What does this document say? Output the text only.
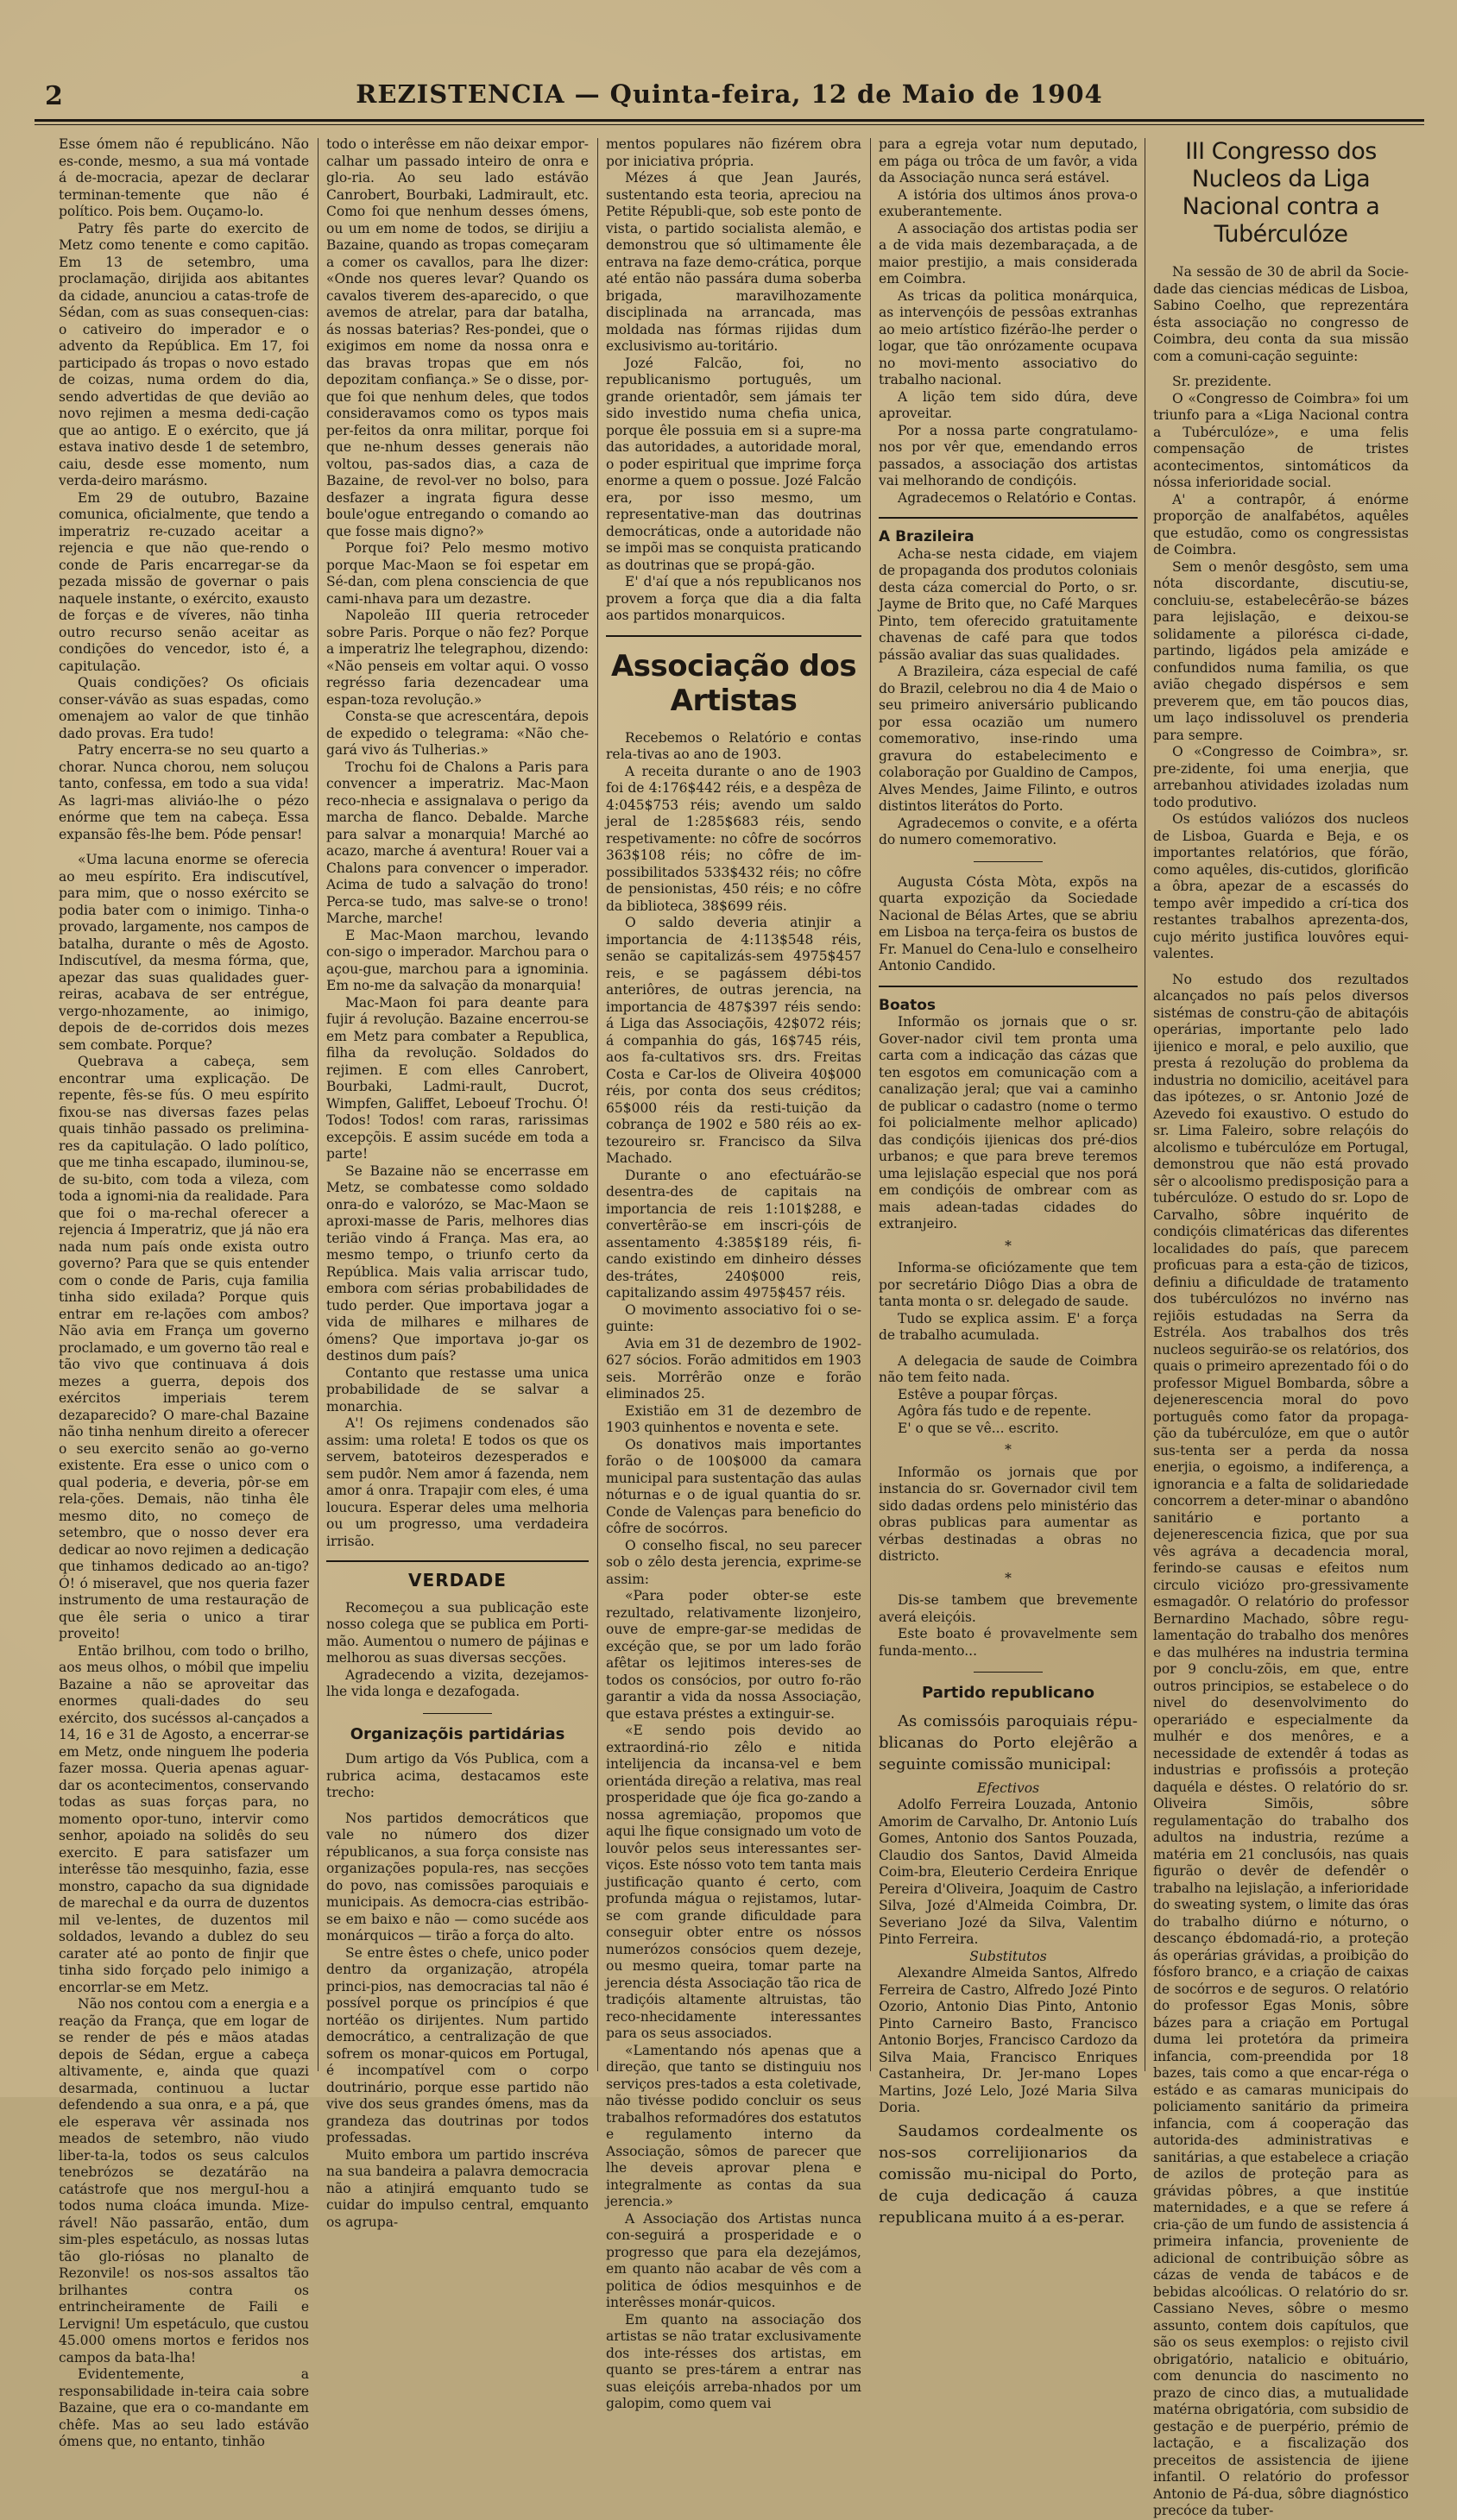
2	REZISTENCIA — Quinta-feira, 12 de Maio de 1904

Esse ómem não é republicáno. Não es-conde, mesmo, a sua má vontade á de-mocracia, apezar de declarar terminan-temente que não é político. Pois bem. Ouçamo-lo.

Patry fês parte do exercito de Metz como tenente e como capitão. Em 13 de setembro, uma proclamação, dirijida aos abitantes da cidade, anunciou a catas-trofe de Sédan, com as suas consequen-cias: o cativeiro do imperador e o advento da República. Em 17, foi participado ás tropas o novo estado de coizas, numa ordem do dia, sendo advertidas de que devião ao novo rejimen a mesma dedi-cação que ao antigo. E o exército, que já estava inativo desde 1 de setembro, caiu, desde esse momento, num verda-deiro marásmo.

Em 29 de outubro, Bazaine comunica, oficialmente, que tendo a imperatriz re-cuzado aceitar a rejencia e que não que-rendo o conde de Paris encarregar-se da pezada missão de governar o pais naquele instante, o exército, exausto de forças e de víveres, não tinha outro recurso senão aceitar as condições do vencedor, isto é, a capitulação.

Quais condições? Os oficiais conser-vávão as suas espadas, como omenajem ao valor de que tinhão dado provas. Era tudo!

Patry encerra-se no seu quarto a chorar. Nunca chorou, nem soluçou tanto, confessa, em todo a sua vida! As lagri-mas aliviáo-lhe o pézo enórme que tem na cabeça. Essa expansão fês-lhe bem. Póde pensar!

«Uma lacuna enorme se oferecia ao meu espírito. Era indiscutível, para mim, que o nosso exército se podia bater com o inimigo. Tinha-o provado, largamente, nos campos de batalha, durante o mês de Agosto. Indiscutível, da mesma fórma, que, apezar das suas qualidades guer-reiras, acabava de ser entrégue, vergo-nhozamente, ao inimigo, depois de de-corridos dois mezes sem combate. Porque?

Quebrava a cabeça, sem encontrar uma explicação. De repente, fês-se fús. O meu espírito fixou-se nas diversas fazes pelas quais tinhão passado os prelimina-res da capitulação. O lado político, que me tinha escapado, iluminou-se, de su-bito, com toda a vileza, com toda a ignomi-nia da realidade. Para que foi o ma-rechal oferecer a rejencia á Imperatriz, que já não era nada num país onde exista outro governo? Para que se quis entender com o conde de Paris, cuja familia tinha sido exilada? Porque quis entrar em re-lações com ambos? Não avia em França um governo proclamado, e um governo tão real e tão vivo que continuava á dois mezes a guerra, depois dos exércitos imperiais terem dezaparecido? O mare-chal Bazaine não tinha nenhum direito a oferecer o seu exercito senão ao go-verno existente. Era esse o unico com o qual poderia, e deveria, pôr-se em rela-ções. Demais, não tinha êle mesmo dito, no começo de setembro, que o nosso dever era dedicar ao novo rejimen a dedicação que tinhamos dedicado ao an-tigo? Ó! ó miseravel, que nos queria fazer instrumento de uma restauração de que êle seria o unico a tirar proveito!

Então brilhou, com todo o brilho, aos meus olhos, o móbil que impeliu Bazaine a não se aproveitar das enormes quali-dades do seu exército, dos sucéssos al-cançados a 14, 16 e 31 de Agosto, a encerrar-se em Metz, onde ninguem lhe poderia fazer mossa. Queria apenas aguar-dar os acontecimentos, conservando todas as suas forças para, no momento opor-tuno, intervir como senhor, apoiado na solidês do seu exercito. E para satisfazer um interêsse tão mesquinho, fazia, esse monstro, capacho da sua dignidade de marechal e da ourra de duzentos mil ve-lentes, de duzentos mil soldados, levando a dublez do seu carater até ao ponto de finjir que tinha sido forçado pelo inimigo a encorrlar-se em Metz.

Não nos contou com a energia e a reação da França, que em logar de se render de pés e mãos atadas depois de Sédan, ergue a cabeça altivamente, e, ainda que quazi desarmada, continuou a luctar defendendo a sua onra, e a pá, que ele esperava vêr assinada nos meados de setembro, não viudo liber-ta-la, todos os seus calculos tenebrózos se dezatárão na catástrofe que nos merguI-hou a todos numa cloáca imunda. Mize-rável! Não passarão, então, dum sim-ples espetáculo, as nossas lutas tão glo-riósas no planalto de Rezonvile! os nos-sos assaltos tão brilhantes contra os entrincheiramente de Faili e Lervigni! Um espetáculo, que custou 45.000 omens mortos e feridos nos campos da bata-lha!

Evidentemente, a responsabilidade in-teira caia sobre Bazaine, que era o co-mandante em chêfe. Mas ao seu lado estávão ómens que, no entanto, tinhão

todo o interêsse em não deixar empor-calhar um passado inteiro de onra e glo-ria. Ao seu lado estávão Canrobert, Bourbaki, Ladmirault, etc. Como foi que nenhum desses ómens, ou um em nome de todos, se dirijiu a Bazaine, quando as tropas começaram a comer os cavallos, para lhe dizer: «Onde nos queres levar? Quando os cavalos tiverem des-aparecido, o que avemos de atrelar, para dar batalha, ás nossas baterias? Res-pondei, que o exigimos em nome da nossa onra e das bravas tropas que em nós depozitam confiança.» Se o disse, por-que foi que nenhum deles, que todos consideravamos como os typos mais per-feitos da onra militar, porque foi que ne-nhum desses generais não voltou, pas-sados dias, a caza de Bazaine, de revol-ver no bolso, para desfazer a ingrata figura desse boule'ogue entregando o comando ao que fosse mais digno?»

Porque foi? Pelo mesmo motivo porque Mac-Maon se foi espetar em Sé-dan, com plena consciencia de que cami-nhava para um dezastre.

Napoleão III queria retroceder sobre Paris. Porque o não fez? Porque a imperatriz lhe telegraphou, dizendo: «Não penseis em voltar aqui. O vosso regrésso faria dezencadear uma espan-toza revolução.»

Consta-se que acrescentára, depois de expedido o telegrama: «Não che-gará vivo ás Tulherias.»

Trochu foi de Chalons a Paris para convencer a imperatriz. Mac-Maon reco-nhecia e assignalava o perigo da marcha de flanco. Debalde. Marche para salvar a monarquia! Marché ao acazo, marche á aventura! Rouer vai a Chalons para convencer o imperador. Acima de tudo a salvação do trono! Perca-se tudo, mas salve-se o trono! Marche, marche!

E Mac-Maon marchou, levando con-sigo o imperador. Marchou para o açou-gue, marchou para a ignominia. Em no-me da salvação da monarquia!

Mac-Maon foi para deante para fujir á revolução. Bazaine encerrou-se em Metz para combater a Republica, filha da revolução. Soldados do rejimen. E com elles Canrobert, Bourbaki, Ladmi-rault, Ducrot, Wimpfen, Galiffet, Leboeuf Trochu. Ó! Todos! Todos! com raras, rarissimas excepçõis. E assim sucéde em toda a parte!

Se Bazaine não se encerrasse em Metz, se combatesse como soldado onra-do e valorózo, se Mac-Maon se aproxi-masse de Paris, melhores dias terião vindo á França. Mas era, ao mesmo tempo, o triunfo certo da República. Mais valia arriscar tudo, embora com sérias probabilidades de tudo perder. Que importava jogar a vida de milhares e milhares de ómens? Que importava jo-gar os destinos dum país?

Contanto que restasse uma unica probabilidade de se salvar a monarchia.

A'! Os rejimens condenados são assim: uma roleta! E todos os que os servem, batoteiros dezesperados e sem pudôr. Nem amor á fazenda, nem amor á onra. Trapajir com eles, é uma loucura. Esperar deles uma melhoria ou um progresso, uma verdadeira irrisão.

VERDADE

Recomeçou a sua publicação este nosso colega que se publica em Porti-mão. Aumentou o numero de pájinas e melhorou as suas diversas secções.

Agradecendo a vizita, dezejamos-lhe vida longa e dezafogada.

Organizaçõis partidárias

Dum artigo da Vós Publica, com a rubrica acima, destacamos este trecho:

Nos partidos democráticos que vale no número dos dizer républicanos, a sua força consiste nas organizações popula-res, nas secções do povo, nas comissões paroquiais e municipais. As democra-cias estribão-se em baixo e não — como sucéde aos monárquicos — tirão a força do alto.

Se entre êstes o chefe, unico poder dentro da organização, atropéla princi-pios, nas democracias tal não é possível porque os princípios é que nortéão os dirijentes. Num partido democrático, a centralização de que sofrem os monar-quicos em Portugal, é incompatível com o corpo doutrinário, porque esse partido não vive dos seus grandes ómens, mas da grandeza das doutrinas por todos professadas.

Muito embora um partido inscréva na sua bandeira a palavra democracia não a atinjirá emquanto tudo se cuidar do impulso central, emquanto os agrupa-

mentos populares não fizérem obra por iniciativa própria.

Mézes á que Jean Jaurés, sustentando esta teoria, apreciou na Petite Républi-que, sob este ponto de vista, o partido socialista alemão, e demonstrou que só ultimamente êle entrava na faze demo-crática, porque até então não passára duma soberba brigada, maravilhozamente disciplinada na arrancada, mas moldada nas fórmas rijidas dum exclusivismo au-toritário.

Jozé Falcão, foi, no republicanismo português, um grande orientadôr, sem jámais ter sido investido numa chefia unica, porque êle possuia em si a supre-ma das autoridades, a autoridade moral, o poder espiritual que imprime força enorme a quem o possue. Jozé Falcão era, por isso mesmo, um representative-man das doutrinas democráticas, onde a autoridade não se impõi mas se conquista praticando as doutrinas que se propá-gão.

E' d'aí que a nós republicanos nos provem a força que dia a dia falta aos partidos monarquicos.

Associação dos Artistas

Recebemos o Relatório e contas rela-tivas ao ano de 1903.

A receita durante o ano de 1903 foi de 4:176$442 réis, e a despêza de 4:045$753 réis; avendo um saldo jeral de 1:285$683 réis, sendo respetivamente: no côfre de socórros 363$108 réis; no côfre de im-possibilitados 533$432 réis; no côfre de pensionistas, 450 réis; e no côfre da biblioteca, 38$699 réis.

O saldo deveria atinjir a importancia de 4:113$548 réis, senão se capitalizás-sem 4975$457 reis, e se pagássem débi-tos anteriôres, de outras jerencia, na importancia de 487$397 réis sendo: á Liga das Associaçõis, 42$072 réis; á companhia do gás, 16$745 réis, aos fa-cultativos srs. drs. Freitas Costa e Car-los de Oliveira 40$000 réis, por conta dos seus créditos; 65$000 réis da resti-tuição da cobrança de 1902 e 580 réis ao ex-tezoureiro sr. Francisco da Silva Machado.

Durante o ano efectuárão-se desentra-des de capitais na importancia de reis 1:101$288, e convertêrão-se em inscri-çóis de assentamento 4:385$189 réis, fi-cando existindo em dinheiro désses des-trátes, 240$000 reis, capitalizando assim 4975$457 réis.

O movimento associativo foi o se-guinte:

Avia em 31 de dezembro de 1902-627 sócios. Forão admitidos em 1903 seis. Morrêrão onze e forão eliminados 25.

Existião em 31 de dezembro de 1903 quinhentos e noventa e sete.

Os donativos mais importantes forão o de 100$000 da camara municipal para sustentação das aulas nóturnas e o de igual quantia do sr. Conde de Valenças para beneficio do côfre de socórros.

O conselho fiscal, no seu parecer sob o zêlo desta jerencia, exprime-se assim:

«Para poder obter-se este rezultado, relativamente lizonjeiro, ouve de empre-gar-se medidas de excéção que, se por um lado forão afêtar os lejitimos interes-ses de todos os consócios, por outro fo-rão garantir a vida da nossa Associação, que estava préstes a extinguir-se.

«E sendo pois devido ao extraordiná-rio zêlo e nitida intelijencia da incansa-vel e bem orientáda direção a relativa, mas real prosperidade que óje fica go-zando a nossa agremiação, propomos que aqui lhe fique consignado um voto de louvôr pelos seus interessantes ser-viços. Este nósso voto tem tanta mais justificação quanto é certo, com profunda mágua o rejistamos, lutar-se com grande dificuldade para conseguir obter entre os nóssos numerózos consócios quem dezeje, ou mesmo queira, tomar parte na jerencia désta Associação tão rica de tradiçóis altamente altruistas, tão reco-nhecidamente interessantes para os seus associados.

«Lamentando nós apenas que a direção, que tanto se distinguiu nos serviços pres-tados a esta coletivade, não tivésse podido concluir os seus trabalhos reformadóres dos estatutos e regulamento interno da Associação, sômos de parecer que lhe deveis aprovar plena e integralmente as contas da sua jerencia.»

A Associação dos Artistas nunca con-seguirá a prosperidade e o progresso que para ela dezejámos, em quanto não acabar de vês com a politica de ódios mesquinhos e de interêsses monár-quicos.

Em quanto na associação dos artistas se não tratar exclusivamente dos inte-résses dos artistas, em quanto se pres-tárem a entrar nas suas eleiçóis arreba-nhados por um galopim, como quem vai

para a egreja votar num deputado, em pága ou trôca de um favôr, a vida da Associação nunca será estável.

A istória dos ultimos ános prova-o exuberantemente.

A associação dos artistas podia ser a de vida mais dezembaraçada, a de maior prestijio, a mais considerada em Coimbra.

As tricas da politica monárquica, as intervençóis de pessôas extranhas ao meio artístico fizérão-lhe perder o logar, que tão onrózamente ocupava no movi-mento associativo do trabalho nacional.

A lição tem sido dúra, deve aproveitar.

Por a nossa parte congratulamo-nos por vêr que, emendando erros passados, a associação dos artistas vai melhorando de condiçóis.

Agradecemos o Relatório e Contas.

A Brazileira

Acha-se nesta cidade, em viajem de propaganda dos produtos coloniais desta cáza comercial do Porto, o sr. Jayme de Brito que, no Café Marques Pinto, tem oferecido gratuitamente chavenas de café para que todos pássão avaliar das suas qualidades.

A Brazileira, cáza especial de café do Brazil, celebrou no dia 4 de Maio o seu primeiro aniversário publicando por essa ocazião um numero comemorativo, inse-rindo uma gravura do estabelecimento e colaboração por Gualdino de Campos, Alves Mendes, Jaime Filinto, e outros distintos literátos do Porto.

Agradecemos o convite, e a oférta do numero comemorativo.

Augusta Cósta Mòta, expõs na quarta expozição da Sociedade Nacional de Bélas Artes, que se abriu em Lisboa na terça-feira os bustos de Fr. Manuel do Cena-lulo e conselheiro Antonio Candido.

Boatos

Informão os jornais que o sr. Gover-nador civil tem pronta uma carta com a indicação das cázas que ten esgotos em comunicação com a canalização jeral; que vai a caminho de publicar o cadastro (nome o termo foi policialmente melhor aplicado) das condiçóis ijienicas dos pré-dios urbanos; e que para breve teremos uma lejislação especial que nos porá em condiçóis de ombrear com as mais adean-tadas cidades do extranjeiro.

*

Informa-se oficiózamente que tem por secretário Diôgo Dias a obra de tanta monta o sr. delegado de saude.

Tudo se explica assim. E' a força de trabalho acumulada.

A delegacia de saude de Coimbra não tem feito nada.

Estêve a poupar fôrças.

Agôra fás tudo e de repente.

E' o que se vê... escrito.

*

Informão os jornais que por instancia do sr. Governador civil tem sido dadas ordens pelo ministério das obras publicas para aumentar as vérbas destinadas a obras no districto.

*

Dis-se tambem que brevemente averá eleiçóis.

Este boato é provavelmente sem funda-mento...

Partido republicano

As comissóis paroquiais répu-blicanas do Porto elejêrão a seguinte comissão municipal:

Efectivos

Adolfo Ferreira Louzada, Antonio Amorim de Carvalho, Dr. Antonio Luís Gomes, Antonio dos Santos Pouzada, Claudio dos Santos, David Almeida Coim-bra, Eleuterio Cerdeira Enrique Pereira d'Oliveira, Joaquim de Castro Silva, Jozé d'Almeida Coimbra, Dr. Severiano Jozé da Silva, Valentim Pinto Ferreira.

Substitutos

Alexandre Almeida Santos, Alfredo Ferreira de Castro, Alfredo Jozé Pinto Ozorio, Antonio Dias Pinto, Antonio Pinto Carneiro Basto, Francisco Antonio Borjes, Francisco Cardozo da Silva Maia, Francisco Enriques Castanheira, Dr. Jer-mano Lopes Martins, Jozé Lelo, Jozé Maria Silva Doria.

Saudamos cordealmente os nos-sos correlijionarios da comissão mu-nicipal do Porto, de cuja dedicação á cauza republicana muito á a es-perar.

III Congresso dos Nucleos da Liga Nacional contra a Tubérculóze

Na sessão de 30 de abril da Socie-dade das ciencias médicas de Lisboa, Sabino Coelho, que reprezentára ésta associação no congresso de Coimbra, deu conta da sua missão com a comuni-cação seguinte:

Sr. prezidente.

O «Congresso de Coimbra» foi um triunfo para a «Liga Nacional contra a Tubérculóze», e uma felis compensação de tristes acontecimentos, sintomáticos da nóssa inferioridade social.

A' a contrapôr, á enórme proporção de analfabétos, aquêles que estudão, como os congressistas de Coimbra.

Sem o menôr desgôsto, sem uma nóta discordante, discutiu-se, concluiu-se, estabelecêrão-se bázes para lejislação, e deixou-se solidamente a pilorésca ci-dade, partindo, ligádos pela amizáde e confundidos numa familia, os que avião chegado dispérsos e sem preverem que, em tão poucos dias, um laço indissoluvel os prenderia para sempre.

O «Congresso de Coimbra», sr. pre-zidente, foi uma enerjia, que arrebanhou atividades izoladas num todo produtivo.

Os estúdos valiózos dos nucleos de Lisboa, Guarda e Beja, e os importantes relatórios, que fórão, como aquêles, dis-cutidos, glorificão a ôbra, apezar de a escassés do tempo avêr impedido a crí-tica dos restantes trabalhos aprezenta-dos, cujo mérito justifica louvôres equi-valentes.

No estudo dos rezultados alcançados no país pelos diversos sistémas de constru-ção de abitaçóis operárias, importante pelo lado ijienico e moral, e pelo auxilio, que presta á rezolução do problema da industria no domicilio, aceitável para das ipótezes, o sr. Antonio Jozé de Azevedo foi exaustivo. O estudo do sr. Lima Faleiro, sobre relaçóis do alcolismo e tubérculóze em Portugal, demonstrou que não está provado sêr o alcoolismo predisposição para a tubérculóze. O estudo do sr. Lopo de Carvalho, sôbre inquérito de condiçóis climatéricas das diferentes localidades do país, que parecem proficuas para a esta-ção de tizicos, definiu a dificuldade de tratamento dos tubérculózos no invérno nas rejiõis estudadas na Serra da Estréla. Aos trabalhos dos três nucleos seguirão-se os relatórios, dos quais o primeiro aprezentado fói o do professor Miguel Bombarda, sôbre a dejenerescencia moral do povo português como fator da propaga-ção da tubérculóze, em que o autôr sus-tenta ser a perda da nossa enerjia, o egoismo, a indiferença, a ignorancia e a falta de solidariedade concorrem a deter-minar o abandôno sanitário e portanto a dejenerescencia fizica, que por sua vês agráva a decadencia moral, ferindo-se causas e efeitos num circulo viciózo pro-gressivamente esmagadôr. O relatório do professor Bernardino Machado, sôbre regu-lamentação do trabalho dos menôres e das mulhéres na industria termina por 9 conclu-zõis, em que, entre outros principios, se estabelece o do nivel do desenvolvimento do operariádo e especialmente da mulhér e dos menôres, e a necessidade de extendêr á todas as industrias e profissóis a proteção daquéla e déstes. O relatório do sr. Oliveira Simõis, sôbre regulamentação do trabalho dos adultos na industria, rezúme a matéria em 21 conclusóis, nas quais figurão o devêr de defendêr o trabalho na lejislação, a inferioridade do sweating system, o limite das óras do trabalho diúrno e nóturno, o descanço ébdomadá-rio, a proteção ás operárias grávidas, a proibição do fósforo branco, e a criação de caixas de socórros e de seguros. O relatório do professor Egas Monis, sôbre bázes para a criação em Portugal duma lei protetóra da primeira infancia, com-preendida por 18 bazes, tais como a que encar-réga o estádo e as camaras municipais do policiamento sanitário da primeira infancia, com á cooperação das autorida-des administrativas e sanitárias, a que estabelece a criação de azilos de proteção para as grávidas pôbres, a que institúe maternidades, e a que se refere á cria-ção de um fundo de assistencia á primeira infancia, proveniente de adicional de contribuição sôbre as cázas de venda de tabácos e de bebidas alcoólicas. O relatório do sr. Cassiano Neves, sôbre o mesmo assunto, contem dois capítulos, que são os seus exemplos: o rejisto civil obrigatório, natalicio e obituário, com denuncia do nascimento no prazo de cinco dias, a mutualidade matérna obrigatória, com subsidio de gestação e de puerpério, prémio de lactação, e a fiscalização dos preceitos de assistencia de ijiene infantil. O relatório do professor Antonio de Pá-dua, sôbre diagnóstico precóce da tuber-
